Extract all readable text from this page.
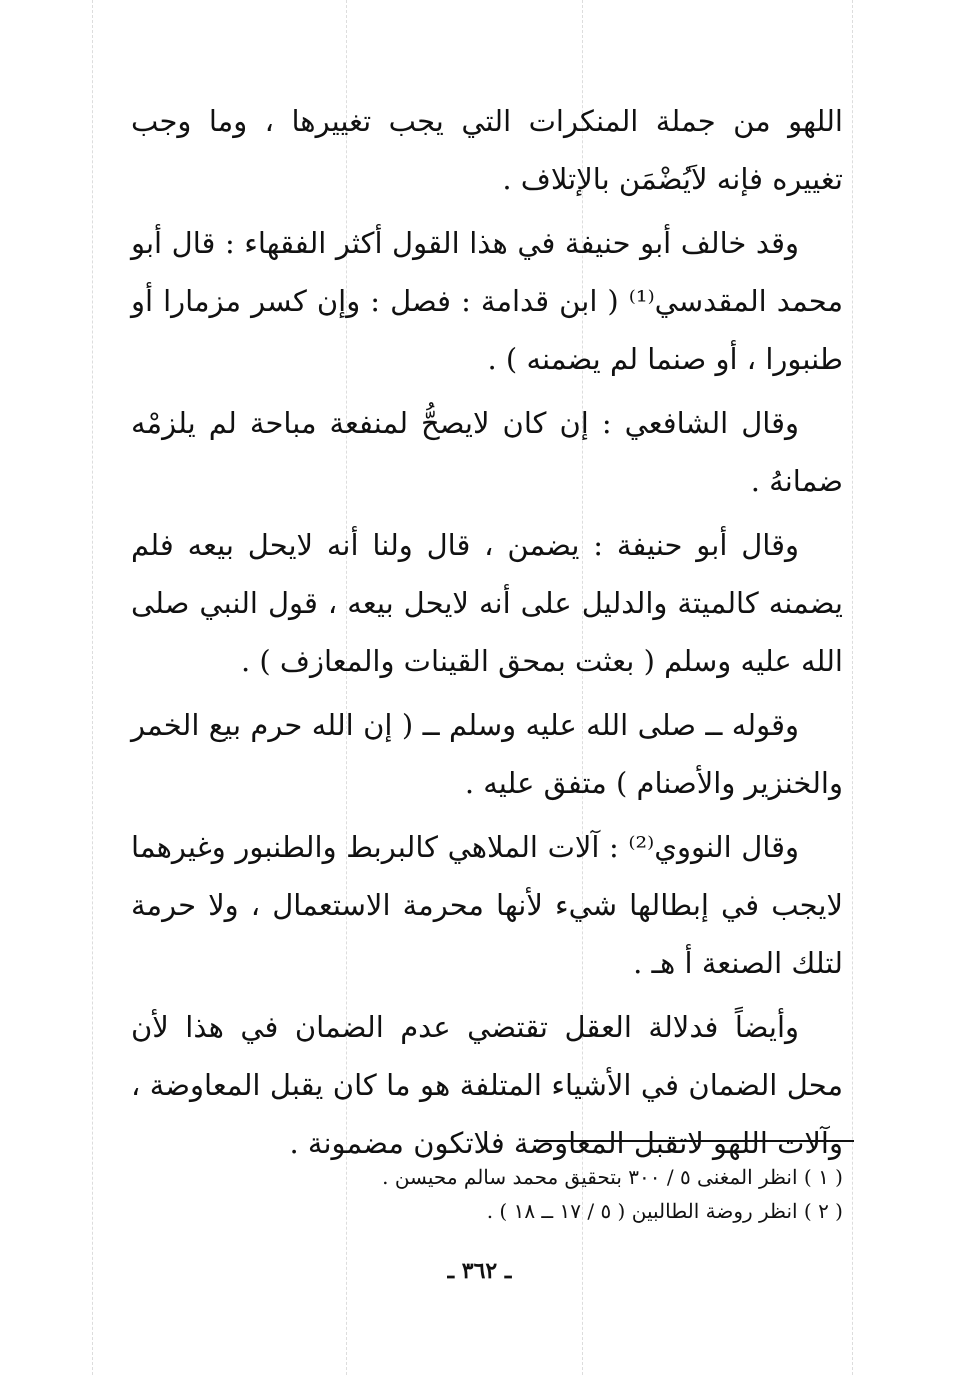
اللهو من جملة المنكرات التي يجب تغييرها ، وما وجب تغييره فإنه لاَيُضْمَن بالإتلاف .

وقد خالف أبو حنيفة في هذا القول أكثر الفقهاء : قال أبو محمد المقدسي⁽¹⁾ ( ابن قدامة : فصل : وإن كسر مزمارا أو طنبورا ، أو صنما لم يضمنه ) .

وقال الشافعي : إن كان لايصحُّ لمنفعة مباحة لم يلزمْه ضمانهُ .

وقال أبو حنيفة : يضمن ، قال ولنا أنه لايحل بيعه فلم يضمنه كالميتة والدليل على أنه لايحل بيعه ، قول النبي صلى الله عليه وسلم ( بعثت بمحق القينات والمعازف ) .

وقوله ــ صلى الله عليه وسلم ــ ( إن الله حرم بيع الخمر والخنزير والأصنام ) متفق عليه .

وقال النووي⁽²⁾ : آلات الملاهي كالبربط والطنبور وغيرهما لايجب في إبطالها شيء لأنها محرمة الاستعمال ، ولا حرمة لتلك الصنعة أ هـ .

وأيضاً فدلالة العقل تقتضي عدم الضمان في هذا لأن محل الضمان في الأشياء المتلفة هو ما كان يقبل المعاوضة ، وآلات اللهو لاتقبل المعاوضة فلاتكون مضمونة .

( ١ ) انظر المغنى ٥ / ٣٠٠ بتحقيق محمد سالم محيسن .

( ٢ ) انظر روضة الطالبين ( ٥ / ١٧ ــ ١٨ ) .

ـ ٣٦٢ ـ
